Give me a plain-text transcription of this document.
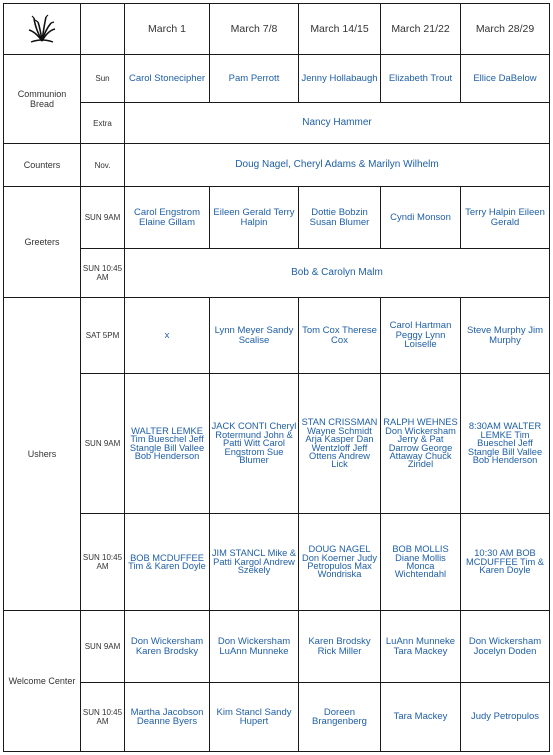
		March 1	March 7/8	March 14/15	March 21/22	March 28/29
Communion Bread	Sun	Carol Stonecipher	Pam Perrott	Jenny Hollabaugh	Elizabeth Trout	Ellice DaBelow
	Extra	Nancy Hammer				
Counters	Nov.	Doug Nagel, Cheryl Adams & Marilyn Wilhelm				
Greeters	SUN 9AM	Carol Engstrom Elaine Gillam	Eileen Gerald Terry Halpin	Dottie Bobzin Susan Blumer	Cyndi Monson	Terry Halpin Eileen Gerald
	SUN 10:45 AM	Bob & Carolyn Malm				
Ushers	SAT 5PM	x	Lynn Meyer Sandy Scalise	Tom Cox Therese Cox	Carol Hartman Peggy Lynn Loiselle	Steve Murphy Jim Murphy
	SUN 9AM	WALTER LEMKE Tim Bueschel Jeff Stangle Bill Vallee Bob Henderson	JACK CONTI Cheryl Rotermund John & Patti Witt Carol Engstrom Sue Blumer	STAN CRISSMAN Wayne Schmidt Arja Kasper Dan Wentzloff Jeff Ottens Andrew Lick	RALPH WEHNES Don Wickersham Jerry & Pat Darrow George Attaway Chuck Zindel	8:30AM WALTER LEMKE Tim Bueschel Jeff Stangle Bill Vallee Bob Henderson
	SUN 10:45 AM	BOB MCDUFFEE Tim & Karen Doyle	JIM STANCL Mike & Patti Kargol Andrew Szekely	DOUG NAGEL Don Koerner Judy Petropulos Max Wondriska	BOB MOLLIS Diane Mollis Monca Wichtendahl	10:30 AM BOB MCDUFFEE Tim & Karen Doyle
Welcome Center	SUN 9AM	Don Wickersham Karen Brodsky	Don Wickersham LuAnn Munneke	Karen Brodsky Rick Miller	LuAnn Munneke Tara Mackey	Don Wickersham Jocelyn Doden
	SUN 10:45 AM	Martha Jacobson Deanne Byers	Kim Stancl Sandy Hupert	Doreen Brangenberg	Tara Mackey	Judy Petropulos
